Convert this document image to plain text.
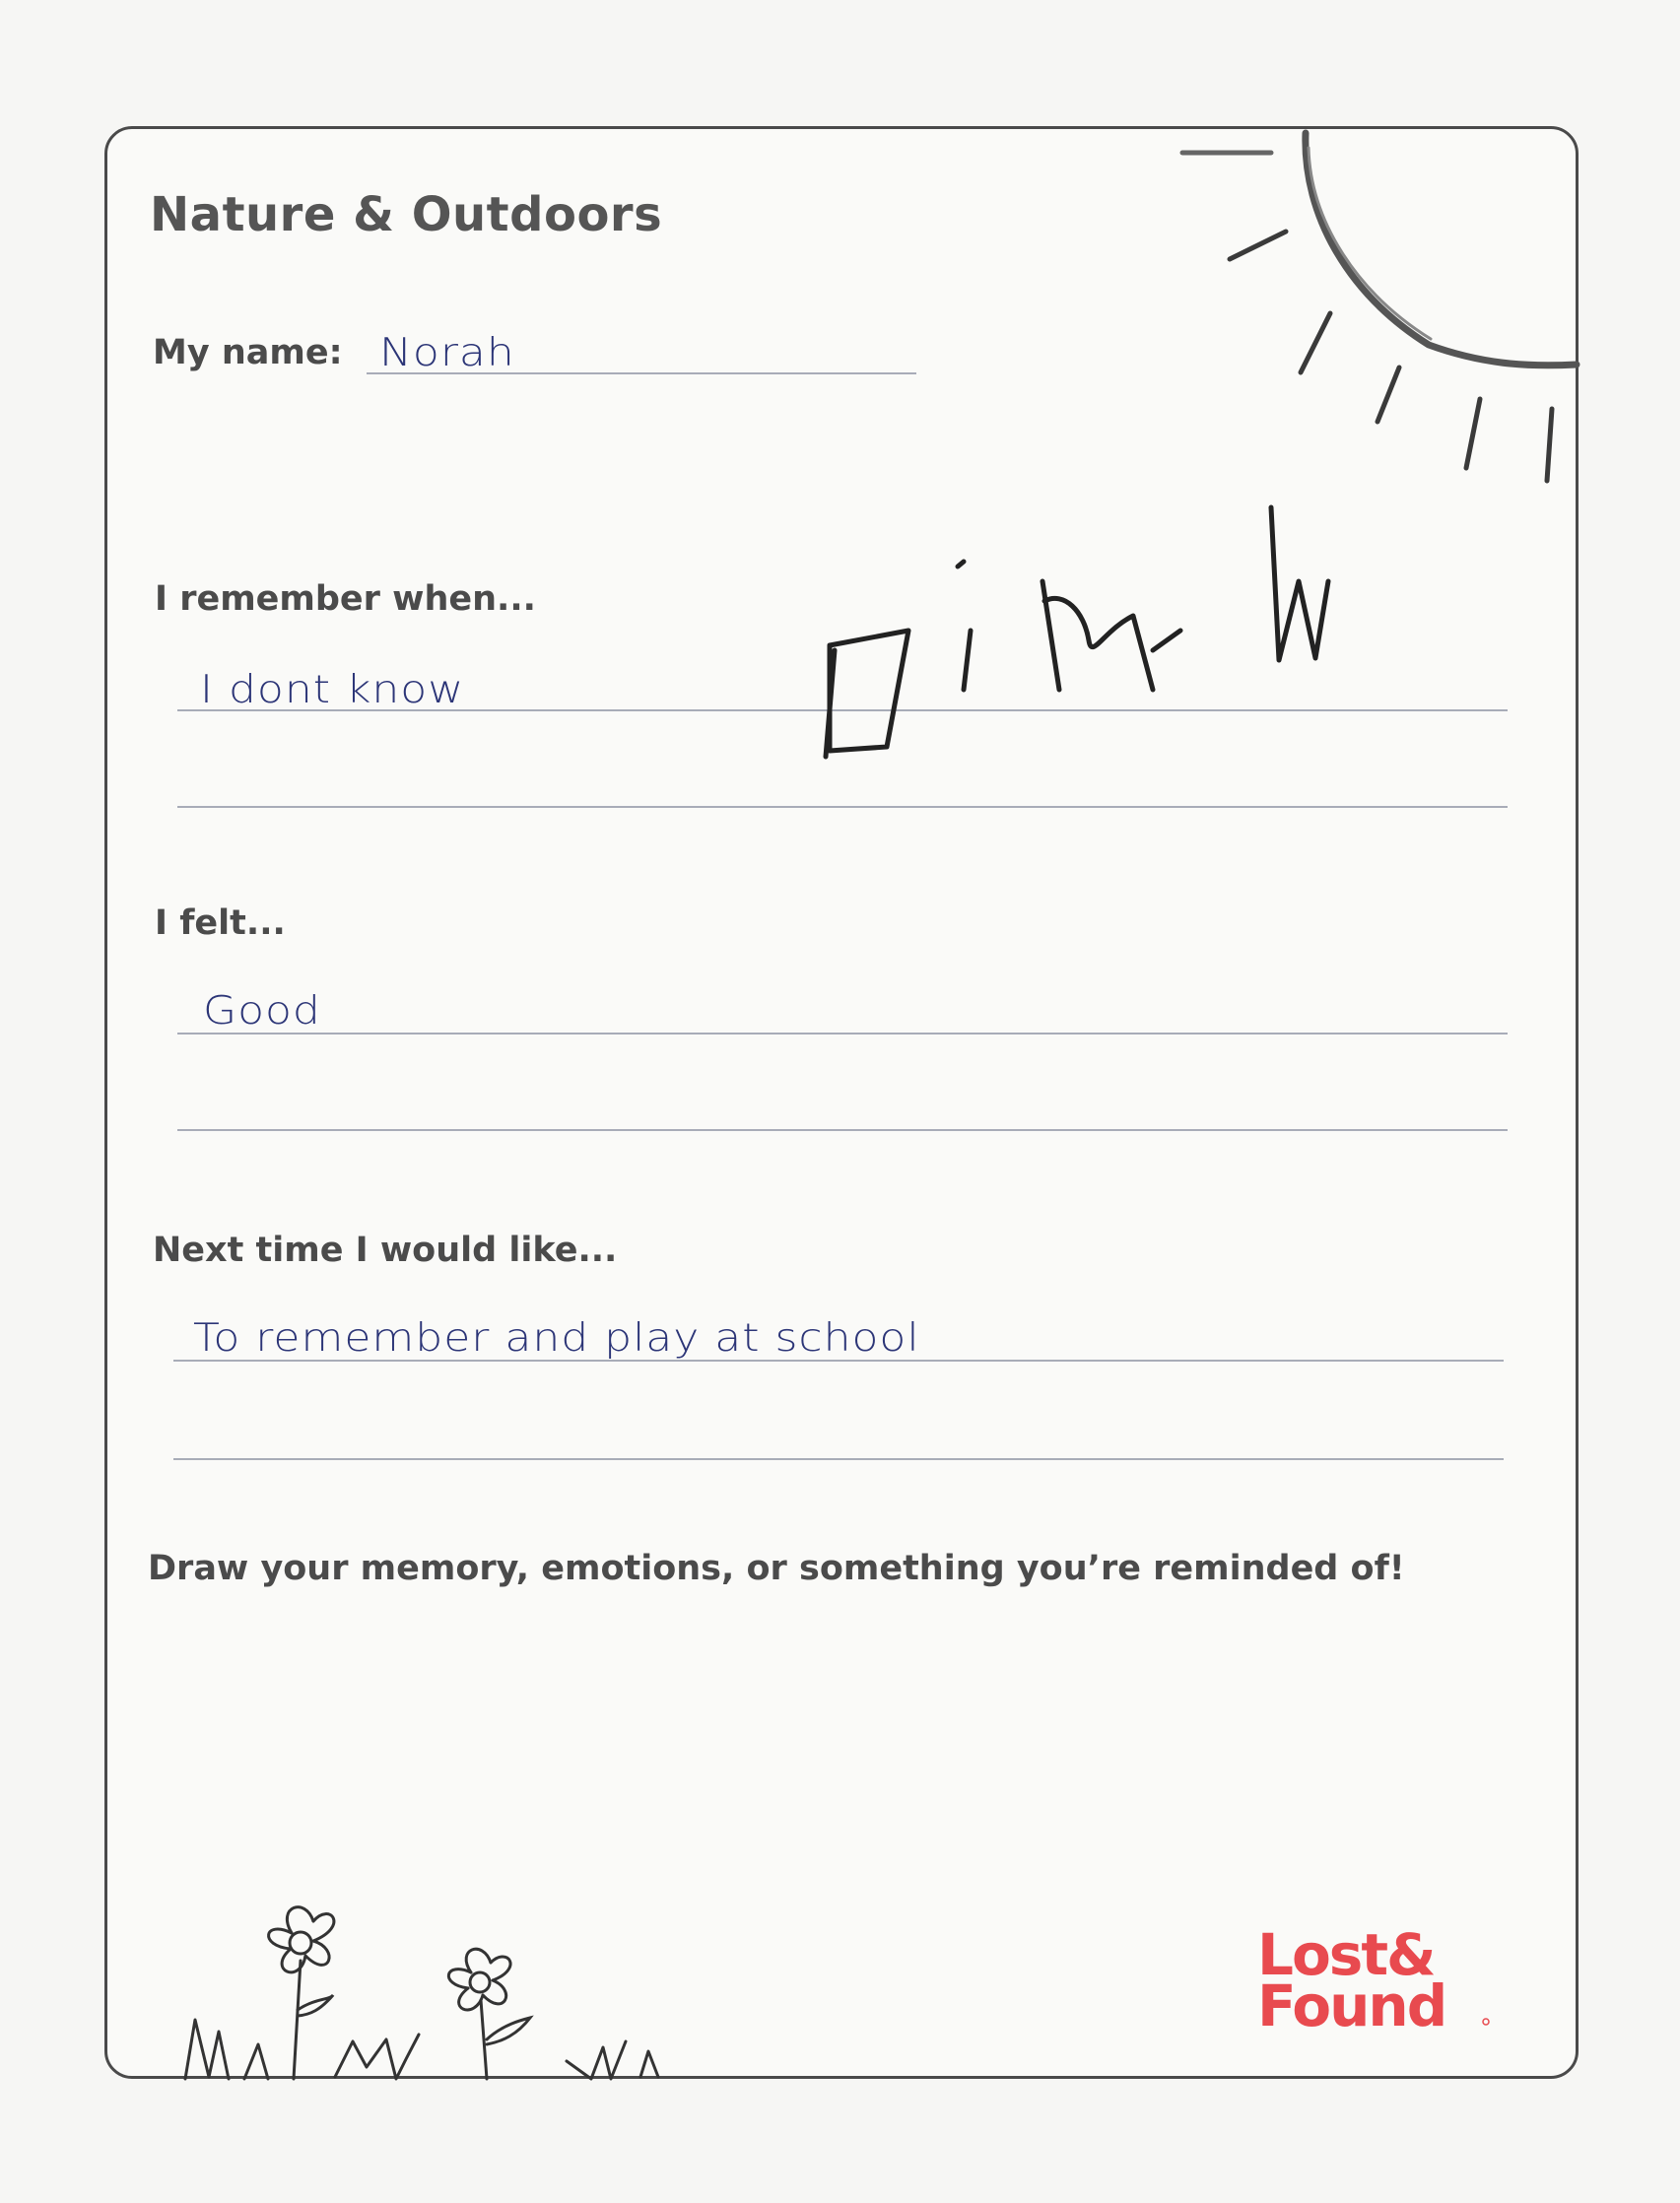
Nature & Outdoors

My name: Norah

I remember when...

I dont know

I felt...

Good

Next time I would like...

To remember and play at school

Draw your memory, emotions, or something you’re reminded of!

Lost&
Found
